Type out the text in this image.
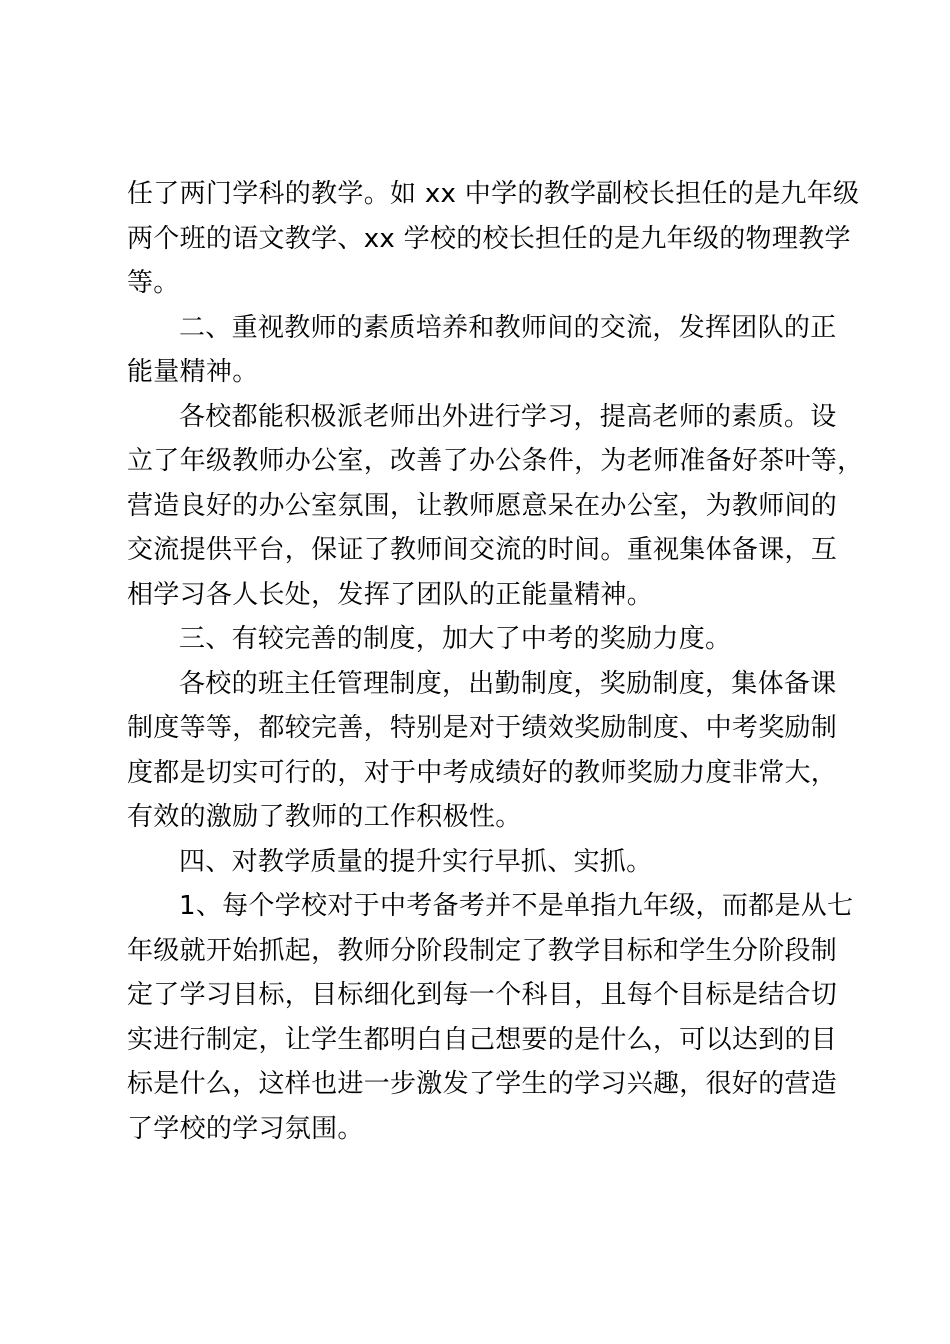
任了两门学科的教学。如 xx 中学的教学副校长担任的是九年级
两个班的语文教学、xx 学校的校长担任的是九年级的物理教学
等。

二、重视教师的素质培养和教师间的交流，发挥团队的正
能量精神。

各校都能积极派老师出外进行学习，提高老师的素质。设
立了年级教师办公室，改善了办公条件，为老师准备好茶叶等，
营造良好的办公室氛围，让教师愿意呆在办公室，为教师间的
交流提供平台，保证了教师间交流的时间。重视集体备课，互
相学习各人长处，发挥了团队的正能量精神。

三、有较完善的制度，加大了中考的奖励力度。

各校的班主任管理制度，出勤制度，奖励制度，集体备课
制度等等，都较完善，特别是对于绩效奖励制度、中考奖励制
度都是切实可行的，对于中考成绩好的教师奖励力度非常大，
有效的激励了教师的工作积极性。

四、对教学质量的提升实行早抓、实抓。

1、每个学校对于中考备考并不是单指九年级，而都是从七
年级就开始抓起，教师分阶段制定了教学目标和学生分阶段制
定了学习目标，目标细化到每一个科目，且每个目标是结合切
实进行制定，让学生都明白自己想要的是什么，可以达到的目
标是什么，这样也进一步激发了学生的学习兴趣，很好的营造
了学校的学习氛围。
